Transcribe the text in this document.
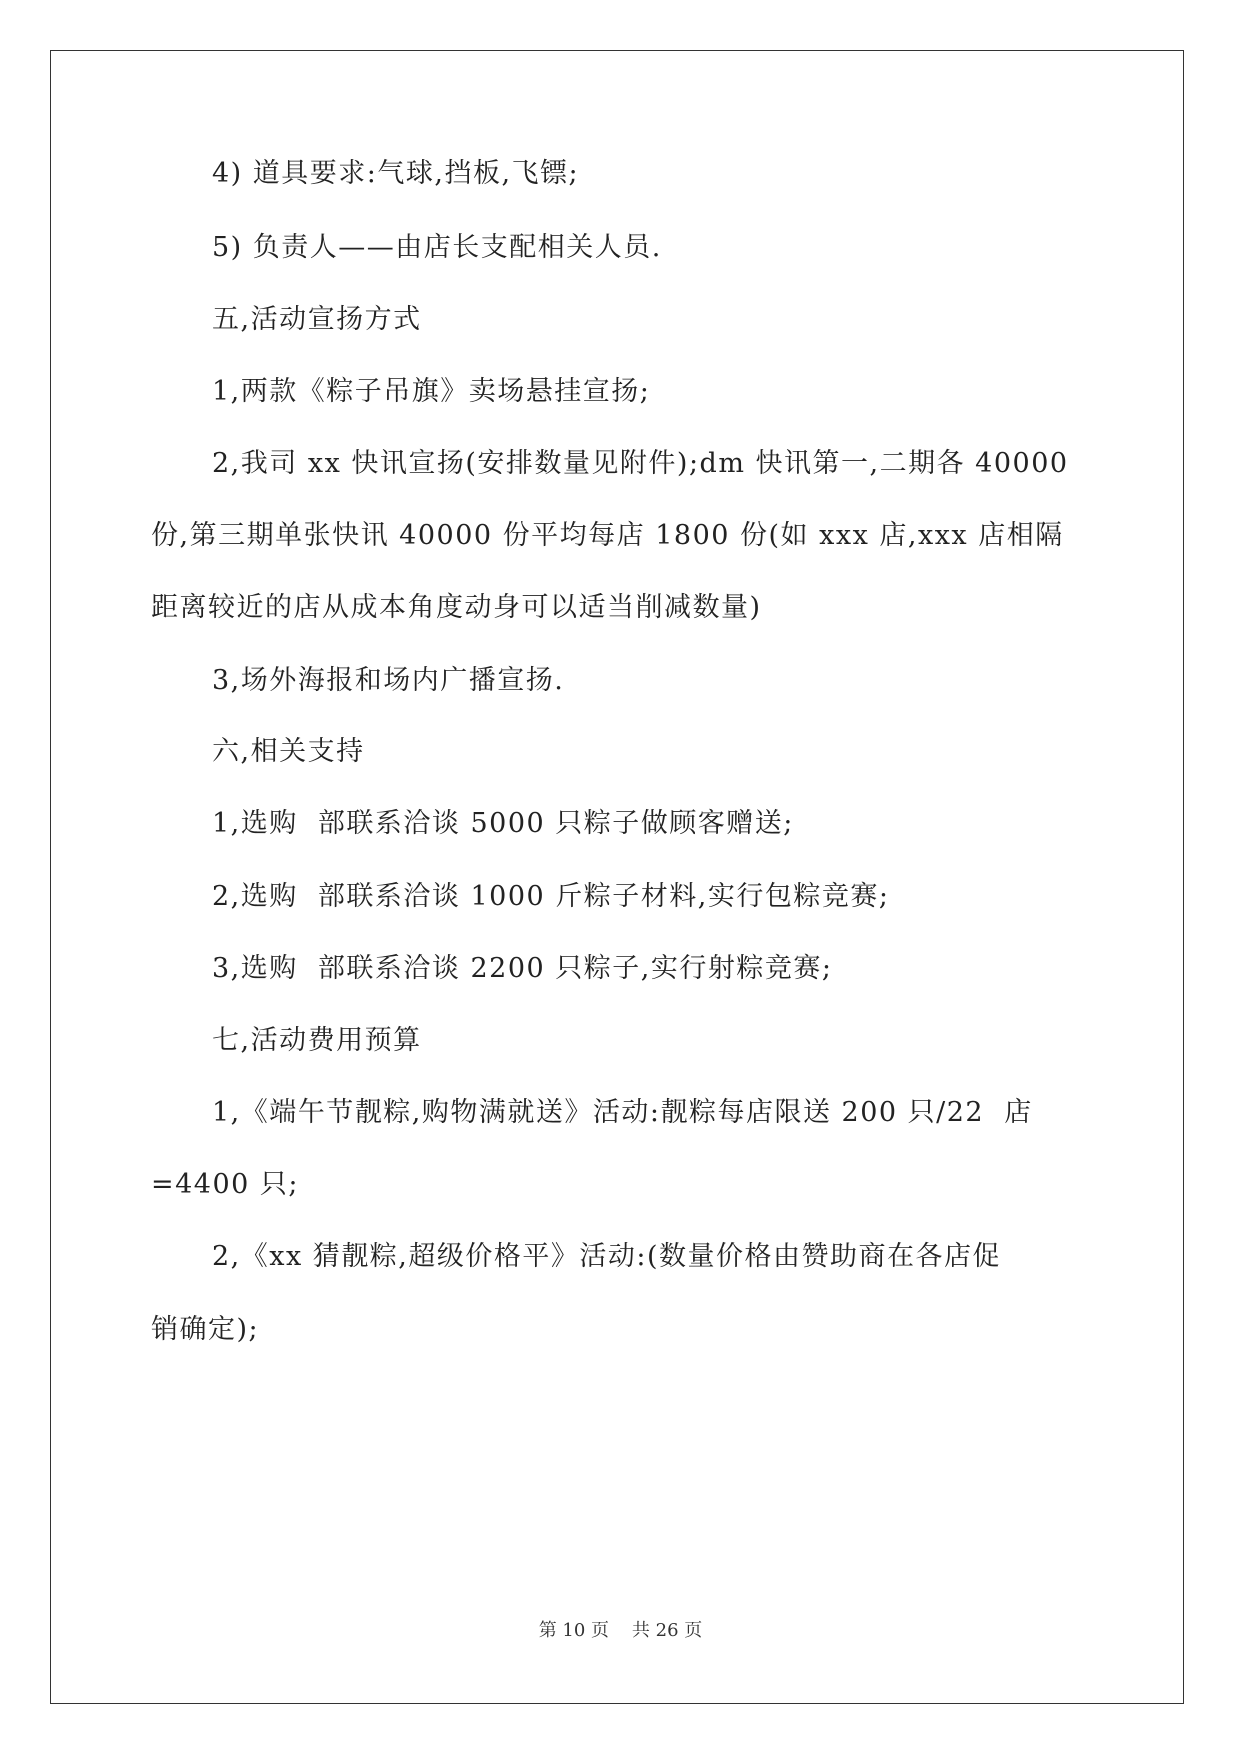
4) 道具要求:气球,挡板,飞镖;
5) 负责人——由店长支配相关人员.
五,活动宣扬方式
1,两款《粽子吊旗》卖场悬挂宣扬;
2,我司 xx 快讯宣扬(安排数量见附件);dm 快讯第一,二期各 40000
份,第三期单张快讯 40000 份平均每店 1800 份(如 xxx 店,xxx 店相隔
距离较近的店从成本角度动身可以适当削减数量)
3,场外海报和场内广播宣扬.
六,相关支持
1,选购  部联系洽谈 5000 只粽子做顾客赠送;
2,选购  部联系洽谈 1000 斤粽子材料,实行包粽竞赛;
3,选购  部联系洽谈 2200 只粽子,实行射粽竞赛;
七,活动费用预算
1,《端午节靓粽,购物满就送》活动:靓粽每店限送 200 只/22  店
=4400 只;
2,《xx 猜靓粽,超级价格平》活动:(数量价格由赞助商在各店促
销确定);
第 10 页    共 26 页
